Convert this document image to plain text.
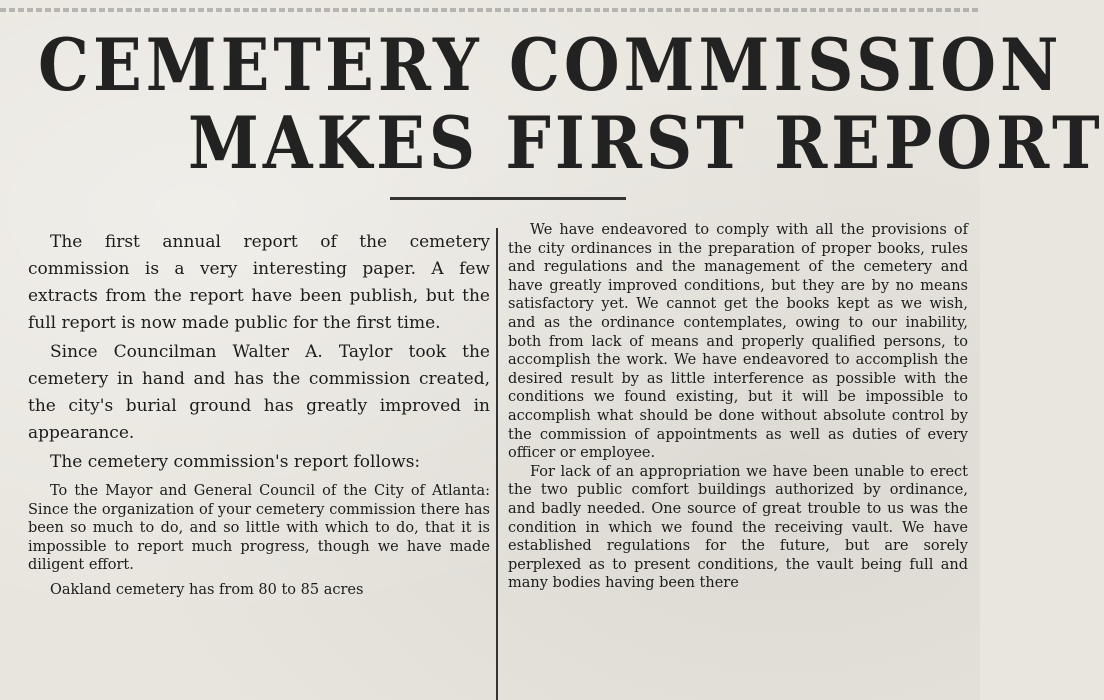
CEMETERY COMMISSION
MAKES FIRST REPORT

The first annual report of the cemetery commission is a very interesting paper. A few extracts from the report have been publish, but the full report is now made public for the first time.

Since Councilman Walter A. Taylor took the cemetery in hand and has the commission created, the city's burial ground has greatly improved in appearance.

The cemetery commission's report follows:

To the Mayor and General Council of the City of Atlanta: Since the organization of your cemetery commission there has been so much to do, and so little with which to do, that it is impossible to report much progress, though we have made diligent effort.

Oakland cemetery has from 80 to 85 acres

We have endeavored to comply with all the provisions of the city ordinances in the preparation of proper books, rules and regulations and the management of the cemetery and have greatly improved conditions, but they are by no means satisfactory yet. We cannot get the books kept as we wish, and as the ordinance contemplates, owing to our inability, both from lack of means and properly qualified persons, to accomplish the work. We have endeavored to accomplish the desired result by as little interference as possible with the conditions we found existing, but it will be impossible to accomplish what should be done without absolute control by the commission of appointments as well as duties of every officer or employee.

For lack of an appropriation we have been unable to erect the two public comfort buildings authorized by ordinance, and badly needed. One source of great trouble to us was the condition in which we found the receiving vault. We have established regulations for the future, but are sorely perplexed as to present conditions, the vault being full and many bodies having been there
